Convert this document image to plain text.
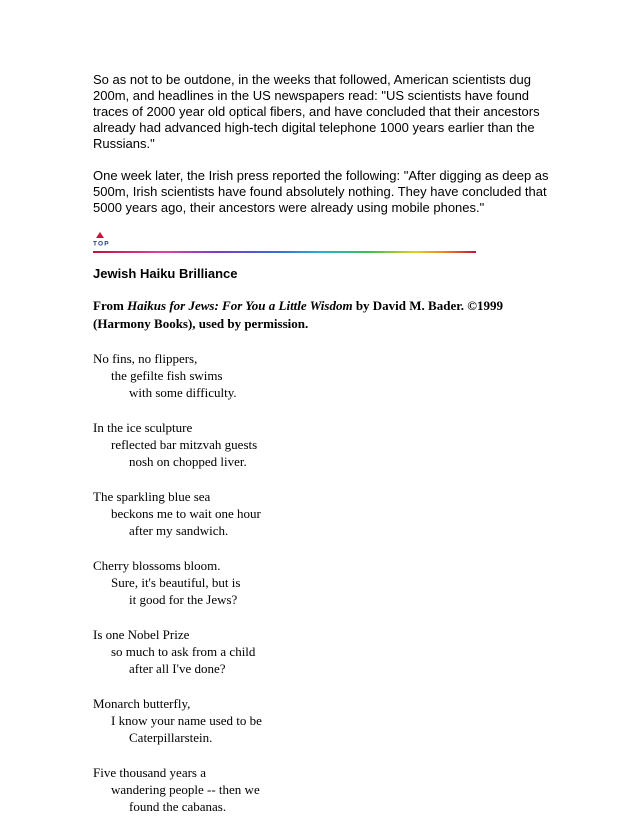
So as not to be outdone, in the weeks that followed, American scientists dug 200m, and headlines in the US newspapers read: "US scientists have found traces of 2000 year old optical fibers, and have concluded that their ancestors already had advanced high-tech digital telephone 1000 years earlier than the Russians."

One week later, the Irish press reported the following: "After digging as deep as 500m, Irish scientists have found absolutely nothing. They have concluded that 5000 years ago, their ancestors were already using mobile phones."

TOP
Jewish Haiku Brilliance
From Haikus for Jews: For You a Little Wisdom by David M. Bader. ©1999 (Harmony Books), used by permission.
No fins, no flippers,
the gefilte fish swims
with some difficulty.
In the ice sculpture
reflected bar mitzvah guests
nosh on chopped liver.
The sparkling blue sea
beckons me to wait one hour
after my sandwich.
Cherry blossoms bloom.
Sure, it's beautiful, but is
it good for the Jews?
Is one Nobel Prize
so much to ask from a child
after all I've done?
Monarch butterfly,
I know your name used to be
Caterpillarstein.
Five thousand years a
wandering people -- then we
found the cabanas.
